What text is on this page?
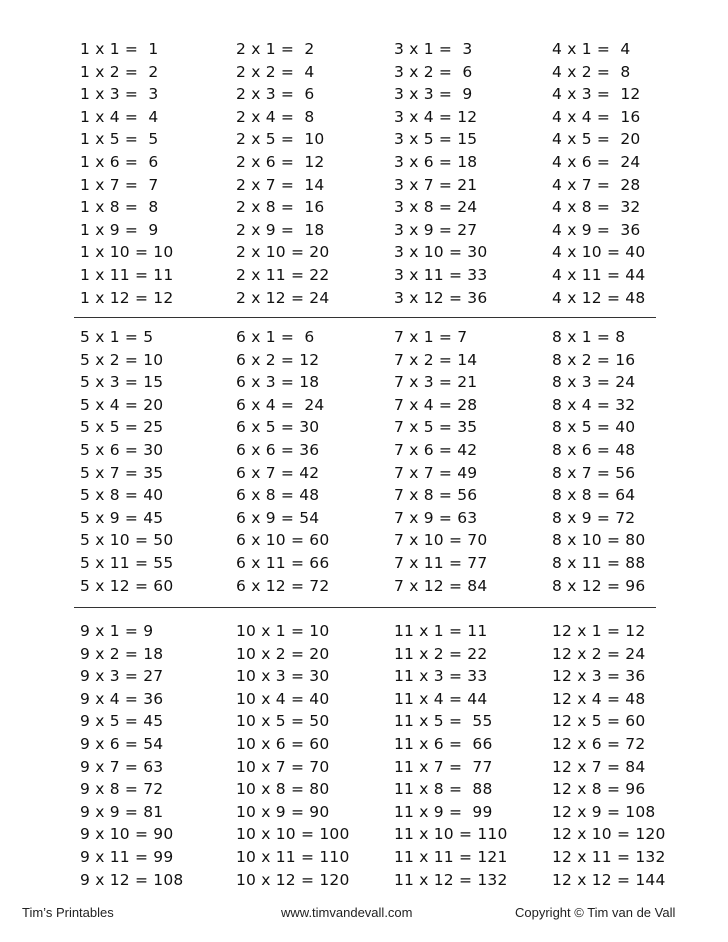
1 x 1 =  1
1 x 2 =  2
1 x 3 =  3
1 x 4 =  4
1 x 5 =  5
1 x 6 =  6
1 x 7 =  7
1 x 8 =  8
1 x 9 =  9
1 x 10 = 10
1 x 11 = 11
1 x 12 = 12
2 x 1 =  2
2 x 2 =  4
2 x 3 =  6
2 x 4 =  8
2 x 5 =  10
2 x 6 =  12
2 x 7 =  14
2 x 8 =  16
2 x 9 =  18
2 x 10 = 20
2 x 11 = 22
2 x 12 = 24
3 x 1 =  3
3 x 2 =  6
3 x 3 =  9
3 x 4 = 12
3 x 5 = 15
3 x 6 = 18
3 x 7 = 21
3 x 8 = 24
3 x 9 = 27
3 x 10 = 30
3 x 11 = 33
3 x 12 = 36
4 x 1 =  4
4 x 2 =  8
4 x 3 =  12
4 x 4 =  16
4 x 5 =  20
4 x 6 =  24
4 x 7 =  28
4 x 8 =  32
4 x 9 =  36
4 x 10 = 40
4 x 11 = 44
4 x 12 = 48
5 x 1 = 5
5 x 2 = 10
5 x 3 = 15
5 x 4 = 20
5 x 5 = 25
5 x 6 = 30
5 x 7 = 35
5 x 8 = 40
5 x 9 = 45
5 x 10 = 50
5 x 11 = 55
5 x 12 = 60
6 x 1 =  6
6 x 2 = 12
6 x 3 = 18
6 x 4 =  24
6 x 5 = 30
6 x 6 = 36
6 x 7 = 42
6 x 8 = 48
6 x 9 = 54
6 x 10 = 60
6 x 11 = 66
6 x 12 = 72
7 x 1 = 7
7 x 2 = 14
7 x 3 = 21
7 x 4 = 28
7 x 5 = 35
7 x 6 = 42
7 x 7 = 49
7 x 8 = 56
7 x 9 = 63
7 x 10 = 70
7 x 11 = 77
7 x 12 = 84
8 x 1 = 8
8 x 2 = 16
8 x 3 = 24
8 x 4 = 32
8 x 5 = 40
8 x 6 = 48
8 x 7 = 56
8 x 8 = 64
8 x 9 = 72
8 x 10 = 80
8 x 11 = 88
8 x 12 = 96
9 x 1 = 9
9 x 2 = 18
9 x 3 = 27
9 x 4 = 36
9 x 5 = 45
9 x 6 = 54
9 x 7 = 63
9 x 8 = 72
9 x 9 = 81
9 x 10 = 90
9 x 11 = 99
9 x 12 = 108
10 x 1 = 10
10 x 2 = 20
10 x 3 = 30
10 x 4 = 40
10 x 5 = 50
10 x 6 = 60
10 x 7 = 70
10 x 8 = 80
10 x 9 = 90
10 x 10 = 100
10 x 11 = 110
10 x 12 = 120
11 x 1 = 11
11 x 2 = 22
11 x 3 = 33
11 x 4 = 44
11 x 5 =  55
11 x 6 =  66
11 x 7 =  77
11 x 8 =  88
11 x 9 =  99
11 x 10 = 110
11 x 11 = 121
11 x 12 = 132
12 x 1 = 12
12 x 2 = 24
12 x 3 = 36
12 x 4 = 48
12 x 5 = 60
12 x 6 = 72
12 x 7 = 84
12 x 8 = 96
12 x 9 = 108
12 x 10 = 120
12 x 11 = 132
12 x 12 = 144
Tim’s Printables	www.timvandevall.com	Copyright © Tim van de Vall
